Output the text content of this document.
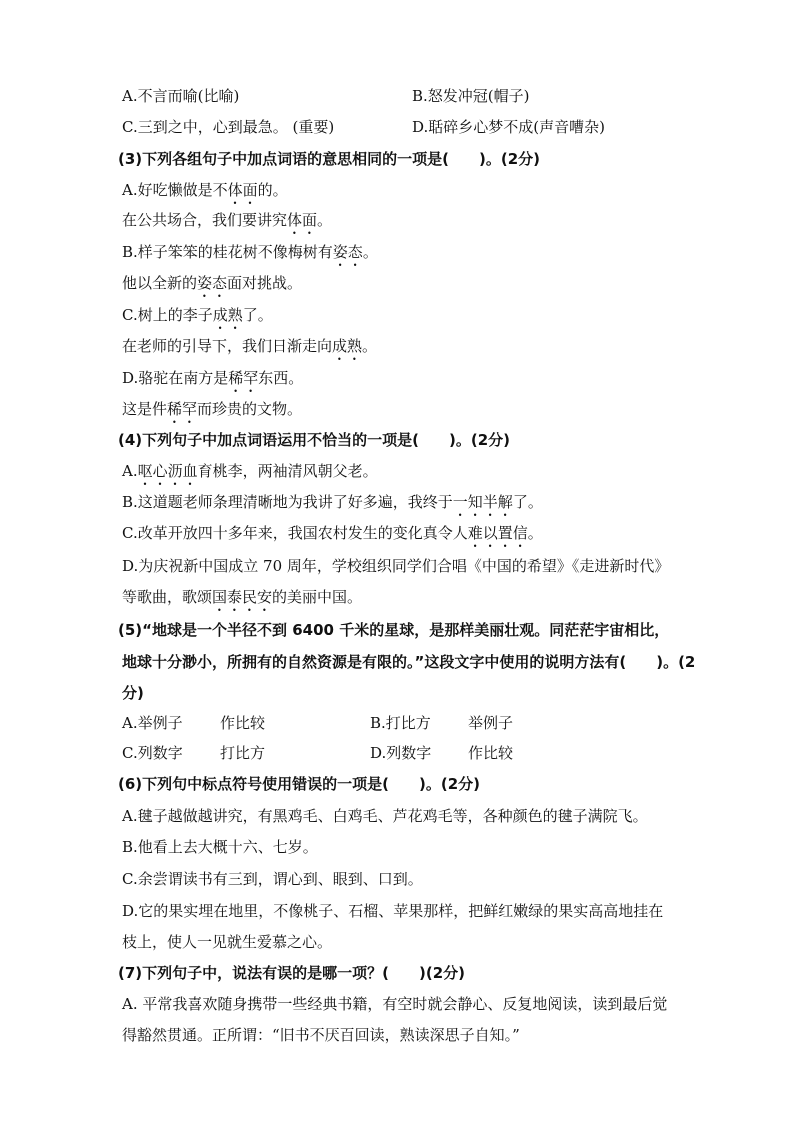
A.不言而喻(比喻)	B.怒发冲冠(帽子)
C.三到之中，心到最急。 (重要)	D.聒碎乡心梦不成(声音嘈杂)
(3)下列各组句子中加点词语的意思相同的一项是(　　)。(2分)
A.好吃懒做是不体面的。
在公共场合，我们要讲究体面。
B.样子笨笨的桂花树不像梅树有姿态。
他以全新的姿态面对挑战。
C.树上的李子成熟了。
在老师的引导下，我们日渐走向成熟。
D.骆驼在南方是稀罕东西。
这是件稀罕而珍贵的文物。
(4)下列句子中加点词语运用不恰当的一项是(　　)。(2分)
A.呕心沥血育桃李，两袖清风朝父老。
B.这道题老师条理清晰地为我讲了好多遍，我终于一知半解了。
C.改革开放四十多年来，我国农村发生的变化真令人难以置信。
D.为庆祝新中国成立 70 周年，学校组织同学们合唱《中国的希望》《走进新时代》
等歌曲，歌颂国泰民安的美丽中国。
(5)“地球是一个半径不到 6400 千米的星球，是那样美丽壮观。同茫茫宇宙相比，
地球十分渺小，所拥有的自然资源是有限的。”这段文字中使用的说明方法有(　　)。(2
分)
A.举例子 作比较	B.打比方 举例子
C.列数字 打比方	D.列数字 作比较
(6)下列句中标点符号使用错误的一项是(　　)。(2分)
A.毽子越做越讲究，有黑鸡毛、白鸡毛、芦花鸡毛等，各种颜色的毽子满院飞。
B.他看上去大概十六、七岁。
C.余尝谓读书有三到，谓心到、眼到、口到。
D.它的果实埋在地里，不像桃子、石榴、苹果那样，把鲜红嫩绿的果实高高地挂在
枝上，使人一见就生爱慕之心。
(7)下列句子中，说法有误的是哪一项？(　　)(2分)
A. 平常我喜欢随身携带一些经典书籍，有空时就会静心、反复地阅读，读到最后觉
得豁然贯通。正所谓：“旧书不厌百回读，熟读深思子自知。”
